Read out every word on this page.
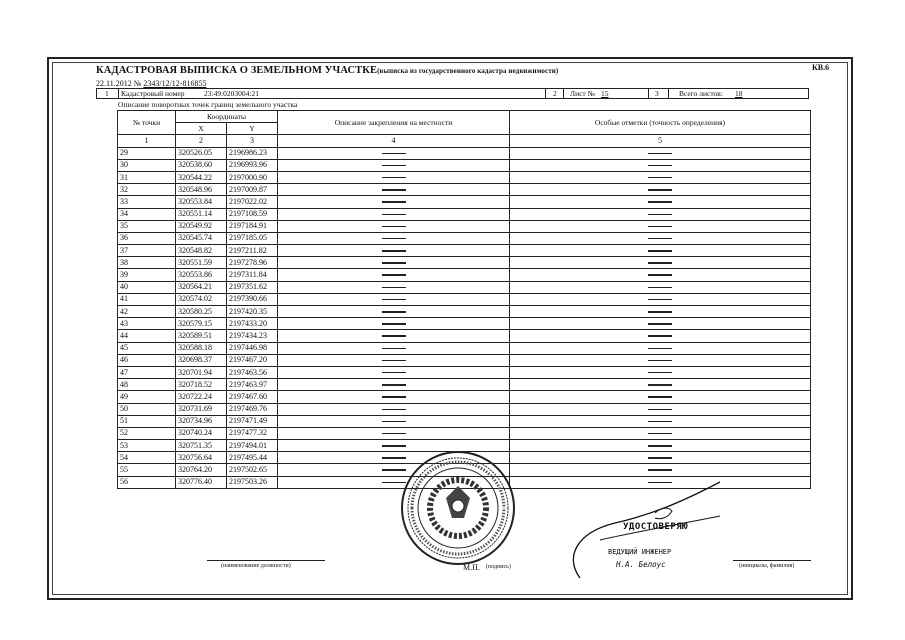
КВ.6
КАДАСТРОВАЯ ВЫПИСКА О ЗЕМЕЛЬНОМ УЧАСТКЕ(выписка из государственного кадастра недвижимости)
22.11.2012 № 2343/12/12-816855
1 Кадастровый номер	23:49:0203004:21	2 Лист № 15	3	Всего листов: 18
Описание поворотных точек границ земельного участка
№ точки	Координаты		Описание закрепления на местности	Особые отметки (точность определения)
	X	Y		
1	2	3	4	5
29	320526.05	2196986.23		
30	320538.60	2196993.96		
31	320544.22	2197000.90		
32	320548.96	2197009.87		
33	320553.84	2197022.02		
34	320551.14	2197108.59		
35	320549.92	2197184.91		
36	320545.74	2197185.05		
37	320548.82	2197211.82		
38	320551.59	2197278.96		
39	320553.86	2197311.84		
40	320564.21	2197351.62		
41	320574.02	2197390.66		
42	320580.25	2197420.35		
43	320579.15	2197433.20		
44	320589.51	2197434.23		
45	320588.18	2197446.98		
46	320698.37	2197467.20		
47	320701.94	2197463.56		
48	320718.52	2197463.97		
49	320722.24	2197467.60		
50	320731.69	2197469.76		
51	320734.96	2197471.49		
52	320740.24	2197477.32		
53	320751.35	2197494.01		
54	320756.64	2197495.44		
55	320764.20	2197502.65		
56	320776.40	2197503.26		
(наименование должности)	М.П. (подпись)
УДОСТОВЕРЯЮ
ВЕДУЩИЙ ИНЖЕНЕР
Н.А. Белоус	(инициалы, фамилия)
